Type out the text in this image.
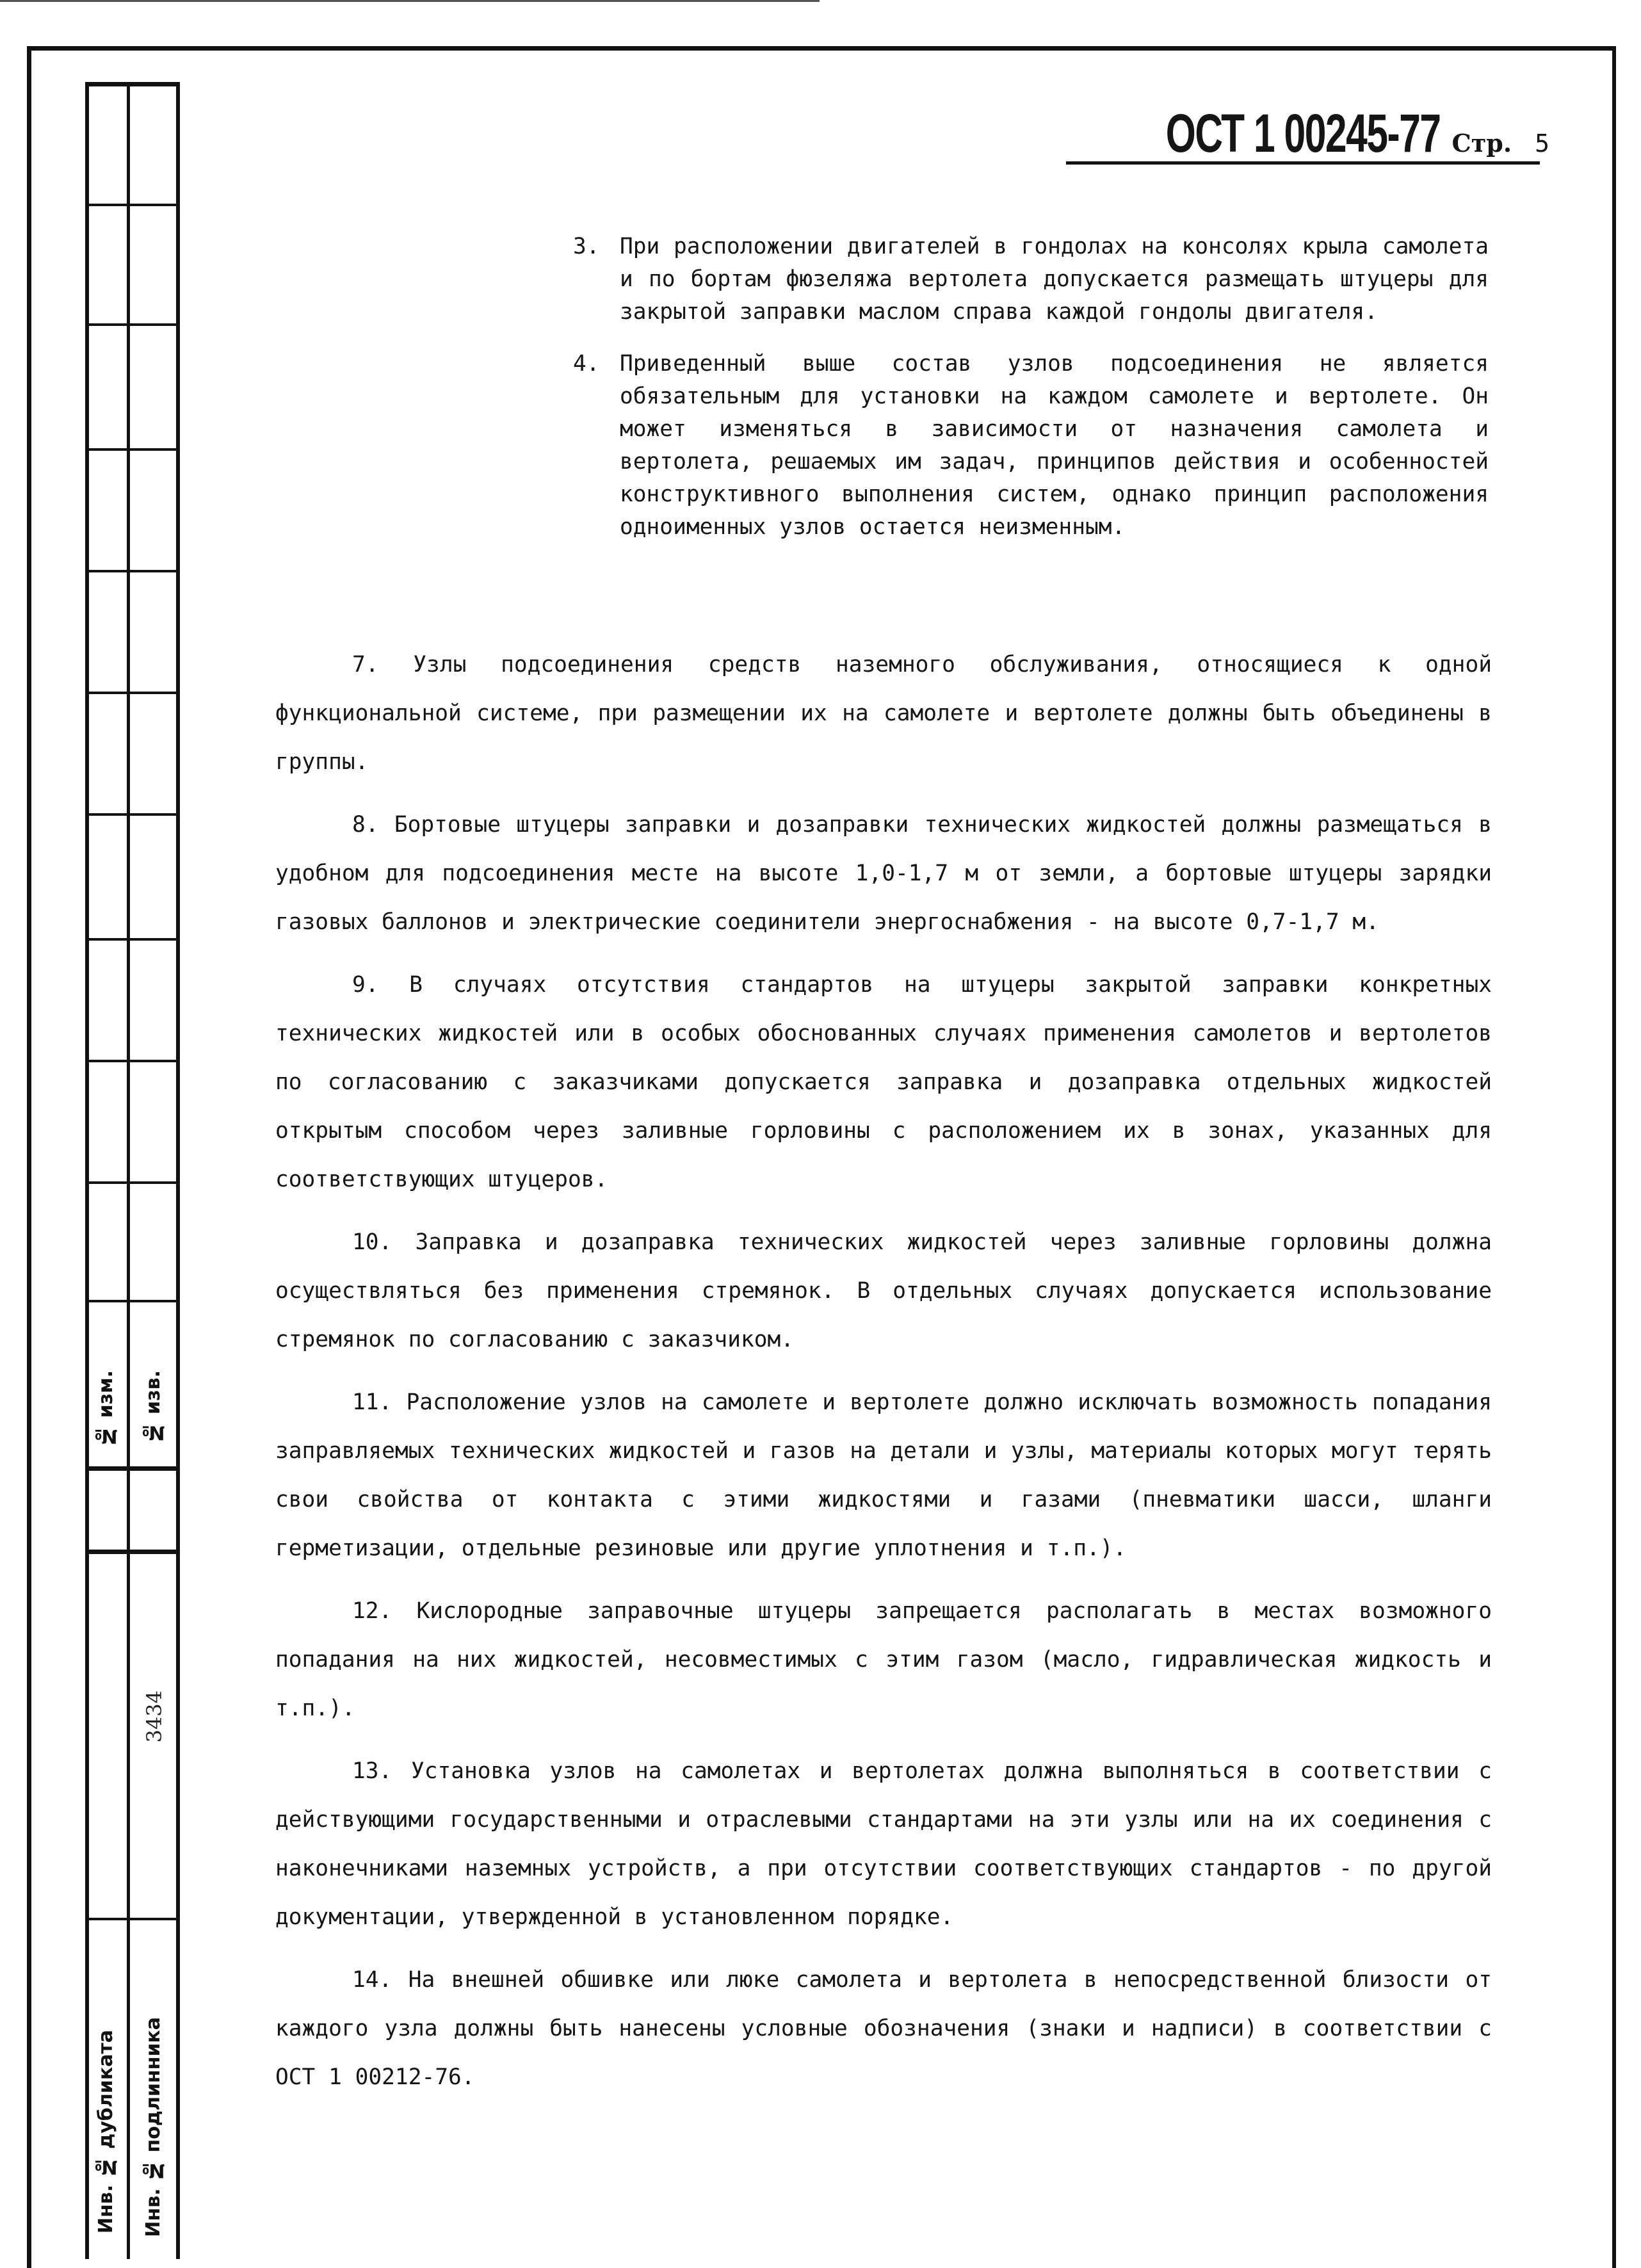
№ изм. № изв.
3434
Инв. № дубликата Инв. № подлинника
ОСТ 1 00245-77 Стр. 5
3. При расположении двигателей в гондолах на консолях крыла самолета и по бортам фюзеляжа вертолета допускается размещать штуцеры для закрытой заправки маслом справа каждой гондолы двигателя.
4. Приведенный выше состав узлов подсоединения не является обязательным для установки на каждом самолете и вертолете. Он может изменяться в зависимости от назначения самолета и вертолета, решаемых им задач, принципов действия и особенностей конструктивного выполнения систем, однако принцип расположения одноименных узлов остается неизменным.

7. Узлы подсоединения средств наземного обслуживания, относящиеся к одной функциональной системе, при размещении их на самолете и вертолете должны быть объединены в группы.

8. Бортовые штуцеры заправки и дозаправки технических жидкостей должны размещаться в удобном для подсоединения месте на высоте 1,0-1,7 м от земли, а бортовые штуцеры зарядки газовых баллонов и электрические соединители энергоснабжения - на высоте 0,7-1,7 м.

9. В случаях отсутствия стандартов на штуцеры закрытой заправки конкретных технических жидкостей или в особых обоснованных случаях применения самолетов и вертолетов по согласованию с заказчиками допускается заправка и дозаправка отдельных жидкостей открытым способом через заливные горловины с расположением их в зонах, указанных для соответствующих штуцеров.

10. Заправка и дозаправка технических жидкостей через заливные горловины должна осуществляться без применения стремянок. В отдельных случаях допускается использование стремянок по согласованию с заказчиком.

11. Расположение узлов на самолете и вертолете должно исключать возможность попадания заправляемых технических жидкостей и газов на детали и узлы, материалы которых могут терять свои свойства от контакта с этими жидкостями и газами (пневматики шасси, шланги герметизации, отдельные резиновые или другие уплотнения и т.п.).

12. Кислородные заправочные штуцеры запрещается располагать в местах возможного попадания на них жидкостей, несовместимых с этим газом (масло, гидравлическая жидкость и т.п.).

13. Установка узлов на самолетах и вертолетах должна выполняться в соответствии с действующими государственными и отраслевыми стандартами на эти узлы или на их соединения с наконечниками наземных устройств, а при отсутствии соответствующих стандартов - по другой документации, утвержденной в установленном порядке.

14. На внешней обшивке или люке самолета и вертолета в непосредственной близости от каждого узла должны быть нанесены условные обозначения (знаки и надписи) в соответствии с ОСТ 1 00212-76.
